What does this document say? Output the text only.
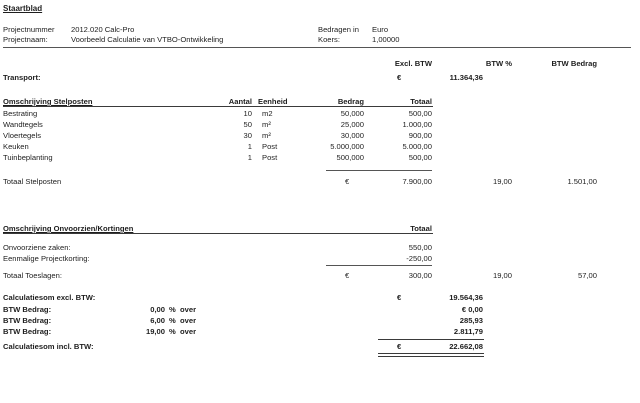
Staartblad
Projectnummer 2012.020 Calc-Pro
Projectnaam:	Voorbeeld Calculatie van VTBO-Ontwikkeling
Bedragen in Euro
Koers:	1,00000
Excl. BTW	BTW %	BTW Bedrag
Transport:	€	11.364,36
Omschrijving Stelposten	Aantal Eenheid	Bedrag	Totaal
Bestrating	10 m2	50,000	500,00
Wandtegels	50 m²	25,000	1.000,00
Vloertegels	30 m²	30,000	900,00
Keuken	1 Post	5.000,000	5.000,00
Tuinbeplanting	1 Post	500,000	500,00
Totaal Stelposten	€	7.900,00	19,00	1.501,00
Omschrijving Onvoorzien/Kortingen	Totaal
Onvoorziene zaken:	550,00
Eenmalige Projectkorting:	-250,00
Totaal Toeslagen:	€	300,00	19,00	57,00
Calculatiesom excl. BTW:	€	19.564,36
BTW Bedrag:	0,00 % over	€ 0,00
BTW Bedrag:	6,00 % over	285,93
BTW Bedrag:	19,00 % over	2.811,79
Calculatiesom incl. BTW:	€	22.662,08
